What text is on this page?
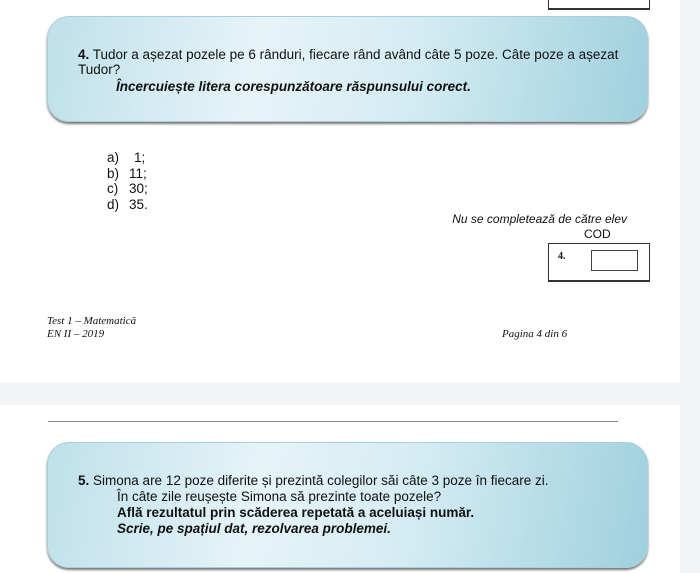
4. Tudor a așezat pozele pe 6 rânduri, fiecare rând având câte 5 poze. Câte poze a așezat Tudor?
Încercuiește litera corespunzătoare răspunsului corect.
a) 1;
b) 11;
c) 30;
d) 35.
Nu se completează de către elev
COD
4.
Test 1 – Matematică
EN II – 2019	Pagina 4 din 6
5. Simona are 12 poze diferite și prezintă colegilor săi câte 3 poze în fiecare zi.
În câte zile reușește Simona să prezinte toate pozele?
Află rezultatul prin scăderea repetată a aceluiași număr.
Scrie, pe spațiul dat, rezolvarea problemei.
